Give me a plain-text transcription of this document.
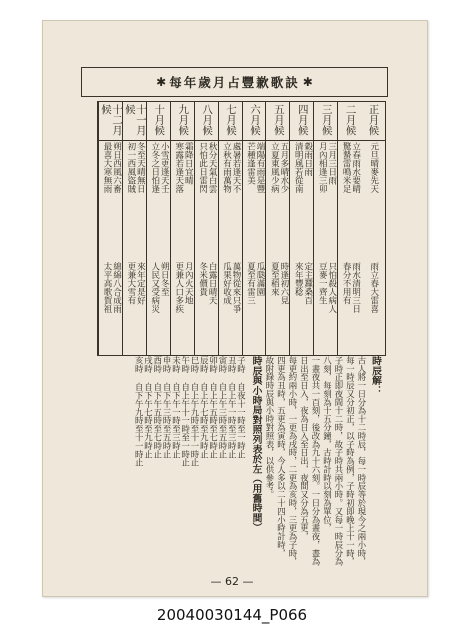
✱ 每年歲月占豐歉歌訣 ✱
正月候
元旦晴麥先天
雨立春大雷喜
二月候
驚蟄雷鳴米足 立春雨水要晴
春分不用有 雨水清明三日
三月候
月內相逢三卯 三月三日雨
豆麥一齊生 只怕殺人病人
四月候
清明風若從南 穀雨日雨
來年豐稔 定主蠶桑百
五月候
立夏東風少病 五月多晴水少
夏至稻來 時逢初六見
六月候
芒種逢雷美 端陽有雨是豐
夏至有雷三 瓜瓞滿園
七月候
立秋有雨萬物 處暑若逢天不
瓜果好收成 萬物從來只爭
八月候
只怕此日雷閃 秋分天氣白雲
冬米價貴 白露日晴天
九月候
寒露若逢天落 霜降日宜晴
更兼人口多疾 月內火天地
十月候
立冬之日怕逢 小雪更逢天壬
人民又受病災 朔日冬至
十一月候
初一西風盜賊 冬至天晴無日
更兼大雪有 來年定是好
十二月候
最喜大寒無雨 朔日西風六畜
太平高歌賀祖 綿綿八合成雨
時辰解：
古人將一日分為十二時辰，每一時辰等於現今之兩小時，
每一時辰又分初正，以子時為例，子時初即晚上十一時，
子時正即夜間十二時，故子時共兩小時。又每一時辰分為
八刻，每刻為十五分鐘，古時計時以刻為單位，
一晝夜共一百刻，後改為九十六刻。一日分為晝夜，晝為
日出至日入，夜為日入至日出，夜間又分為五更，
每更約兩小時，一更為戌時，二更為亥時，三更為子時，
四更為丑時，五更為寅時，今人多以二十四小時計時，
故附錄時辰與小時對照表，以供參考。
時辰與小時局對照列表於左（用舊時間）
子時 自夜十一時至一時止
丑時 自上午一時至三時止
寅時 自上午三時至五時止
卯時 自上午五時至七時止
辰時 自上午七時至九時止
巳時 自上午九時至十一時止
午時 自上午十一時至一時止
未時 自下午一時至三時止
申時 自下午三時至五時止
酉時 自下午五時至七時止
戌時 自下午七時至九時止
亥時 自下午九時至十一時止
— 62 —
20040030144_P066
